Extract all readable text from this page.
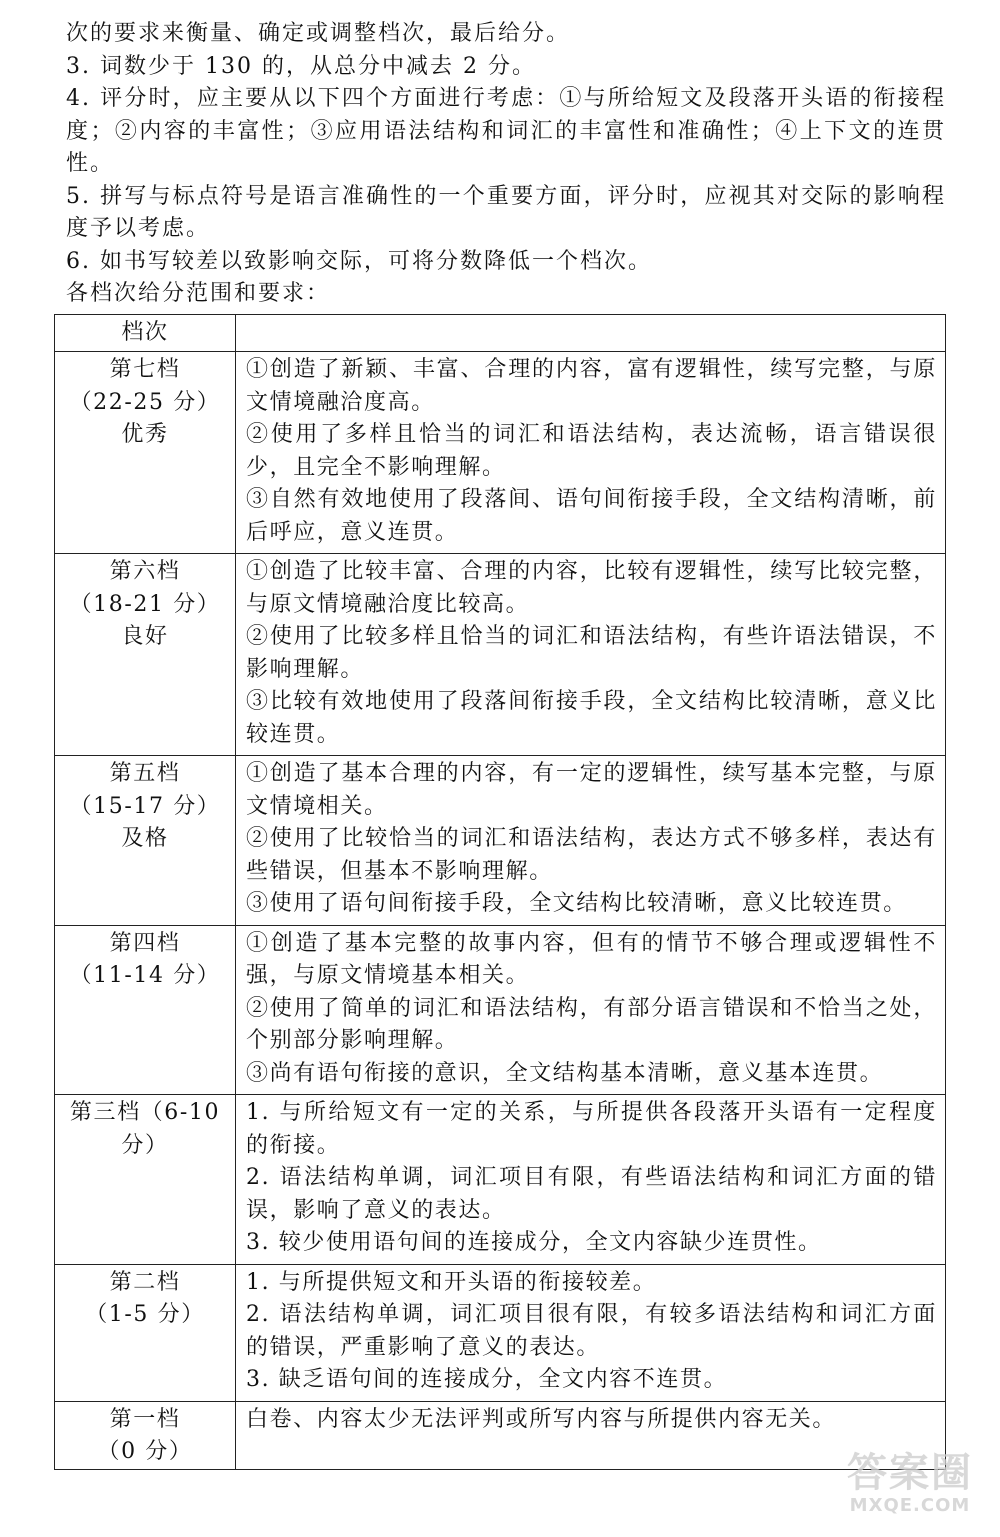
次的要求来衡量、确定或调整档次，最后给分。

3. 词数少于 130 的，从总分中减去 2 分。

4. 评分时，应主要从以下四个方面进行考虑：①与所给短文及段落开头语的衔接程度；②内容的丰富性；③应用语法结构和词汇的丰富性和准确性；④上下文的连贯性。

5. 拼写与标点符号是语言准确性的一个重要方面，评分时，应视其对交际的影响程度予以考虑。

6. 如书写较差以致影响交际，可将分数降低一个档次。

各档次给分范围和要求：

档次	

第七档
（22-25 分）
优秀	①创造了新颖、丰富、合理的内容，富有逻辑性，续写完整，与原文情境融洽度高。
②使用了多样且恰当的词汇和语法结构，表达流畅，语言错误很少，且完全不影响理解。
③自然有效地使用了段落间、语句间衔接手段，全文结构清晰，前后呼应，意义连贯。

第六档
（18-21 分）
良好	①创造了比较丰富、合理的内容，比较有逻辑性，续写比较完整，与原文情境融洽度比较高。
②使用了比较多样且恰当的词汇和语法结构，有些许语法错误，不影响理解。
③比较有效地使用了段落间衔接手段，全文结构比较清晰，意义比较连贯。

第五档
（15-17 分）
及格	①创造了基本合理的内容，有一定的逻辑性，续写基本完整，与原文情境相关。
②使用了比较恰当的词汇和语法结构，表达方式不够多样，表达有些错误，但基本不影响理解。
③使用了语句间衔接手段，全文结构比较清晰，意义比较连贯。

第四档
（11-14 分）	①创造了基本完整的故事内容，但有的情节不够合理或逻辑性不强，与原文情境基本相关。
②使用了简单的词汇和语法结构，有部分语言错误和不恰当之处，个别部分影响理解。
③尚有语句衔接的意识，全文结构基本清晰，意义基本连贯。

第三档（6-10
分）	1. 与所给短文有一定的关系，与所提供各段落开头语有一定程度的衔接。
2. 语法结构单调，词汇项目有限，有些语法结构和词汇方面的错误，影响了意义的表达。
3. 较少使用语句间的连接成分，全文内容缺少连贯性。

第二档
（1-5 分）	1. 与所提供短文和开头语的衔接较差。
2. 语法结构单调，词汇项目很有限，有较多语法结构和词汇方面的错误，严重影响了意义的表达。
3. 缺乏语句间的连接成分，全文内容不连贯。

第一档
（0 分）	白卷、内容太少无法评判或所写内容与所提供内容无关。
答案圈
MXQE.COM
